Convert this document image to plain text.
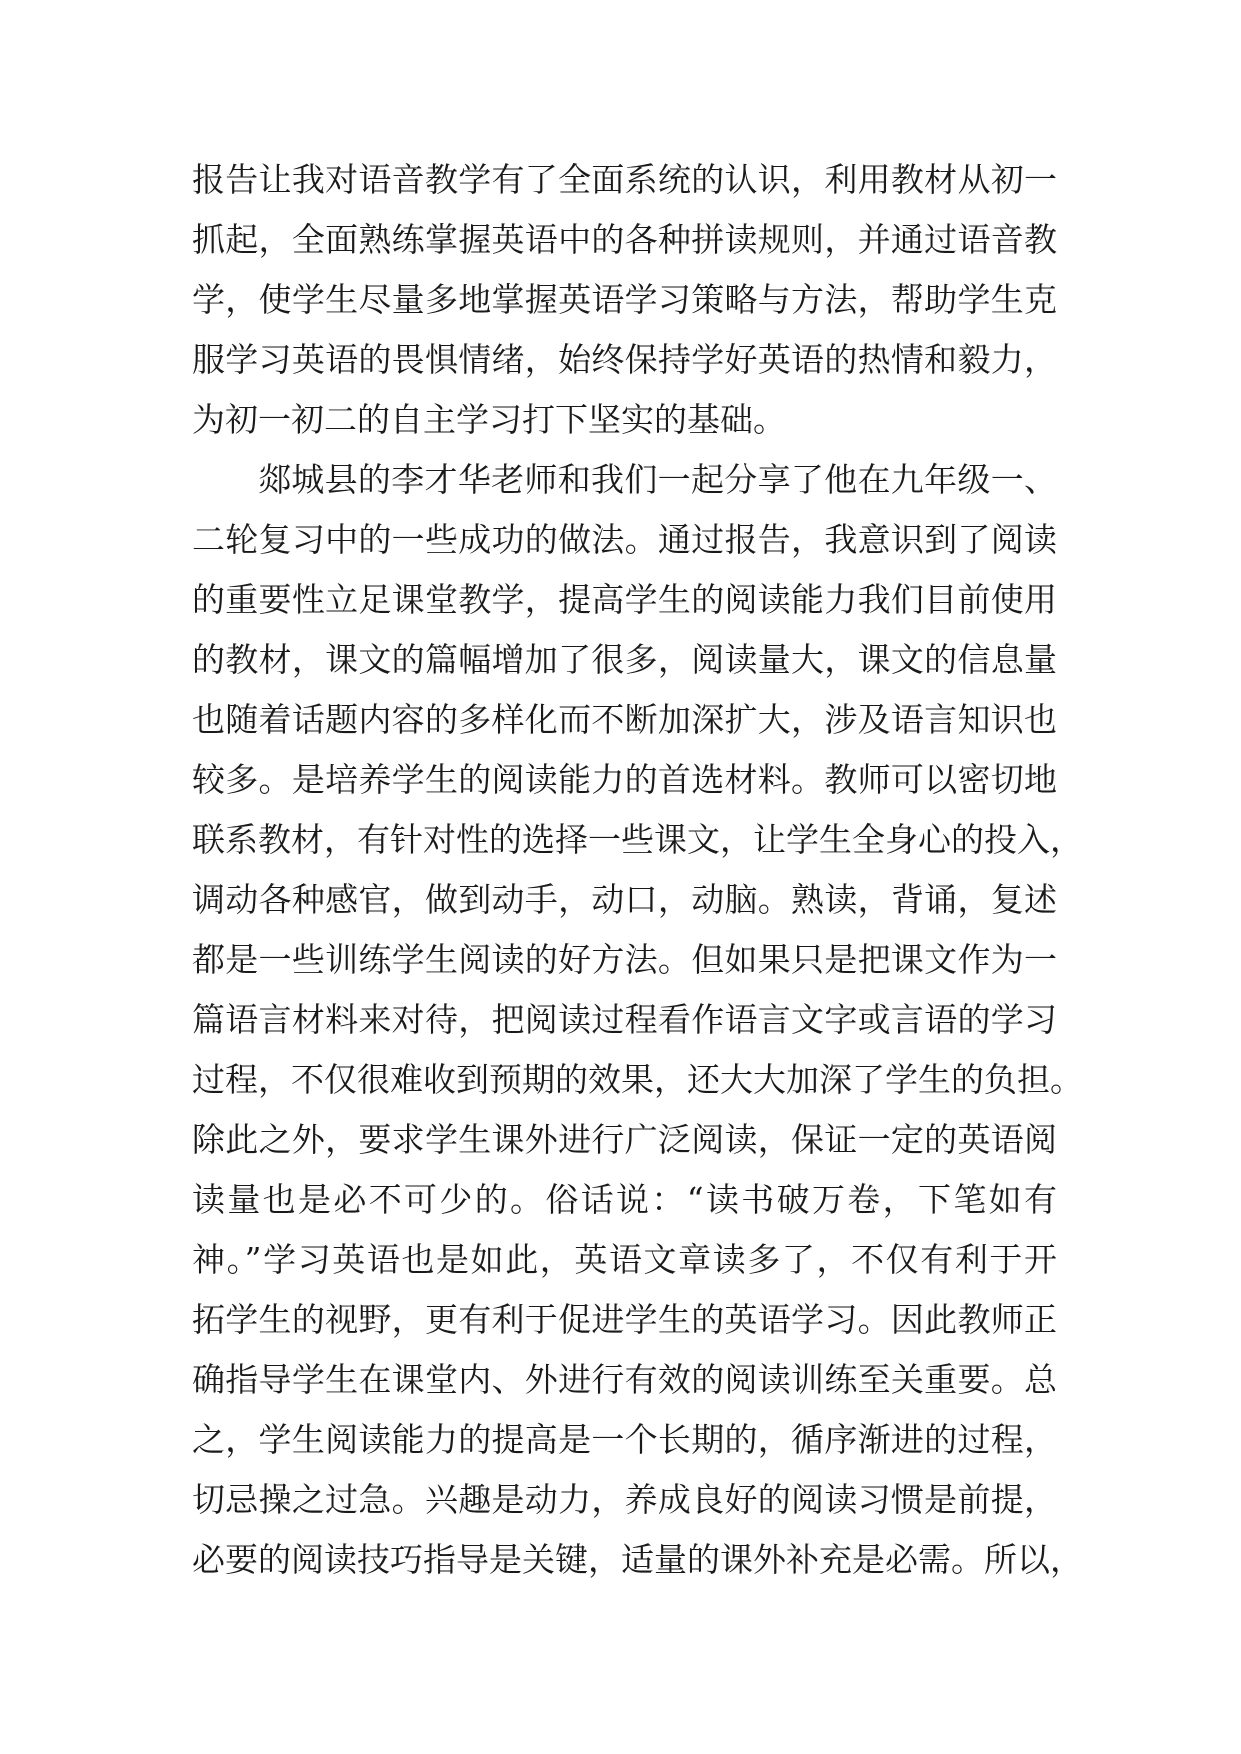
报告让我对语音教学有了全面系统的认识，利用教材从初一
抓起，全面熟练掌握英语中的各种拼读规则，并通过语音教
学，使学生尽量多地掌握英语学习策略与方法，帮助学生克
服学习英语的畏惧情绪，始终保持学好英语的热情和毅力，
为初一初二的自主学习打下坚实的基础。
郯城县的李才华老师和我们一起分享了他在九年级一、
二轮复习中的一些成功的做法。通过报告，我意识到了阅读
的重要性立足课堂教学，提高学生的阅读能力我们目前使用
的教材，课文的篇幅增加了很多，阅读量大，课文的信息量
也随着话题内容的多样化而不断加深扩大，涉及语言知识也
较多。是培养学生的阅读能力的首选材料。教师可以密切地
联系教材，有针对性的选择一些课文，让学生全身心的投入，
调动各种感官，做到动手，动口，动脑。熟读，背诵，复述
都是一些训练学生阅读的好方法。但如果只是把课文作为一
篇语言材料来对待，把阅读过程看作语言文字或言语的学习
过程，不仅很难收到预期的效果，还大大加深了学生的负担。
除此之外，要求学生课外进行广泛阅读，保证一定的英语阅
读量也是必不可少的。俗话说：“读书破万卷，下笔如有
神。”学习英语也是如此，英语文章读多了，不仅有利于开
拓学生的视野，更有利于促进学生的英语学习。因此教师正
确指导学生在课堂内、外进行有效的阅读训练至关重要。总
之，学生阅读能力的提高是一个长期的，循序渐进的过程，
切忌操之过急。兴趣是动力，养成良好的阅读习惯是前提，
必要的阅读技巧指导是关键，适量的课外补充是必需。所以，
